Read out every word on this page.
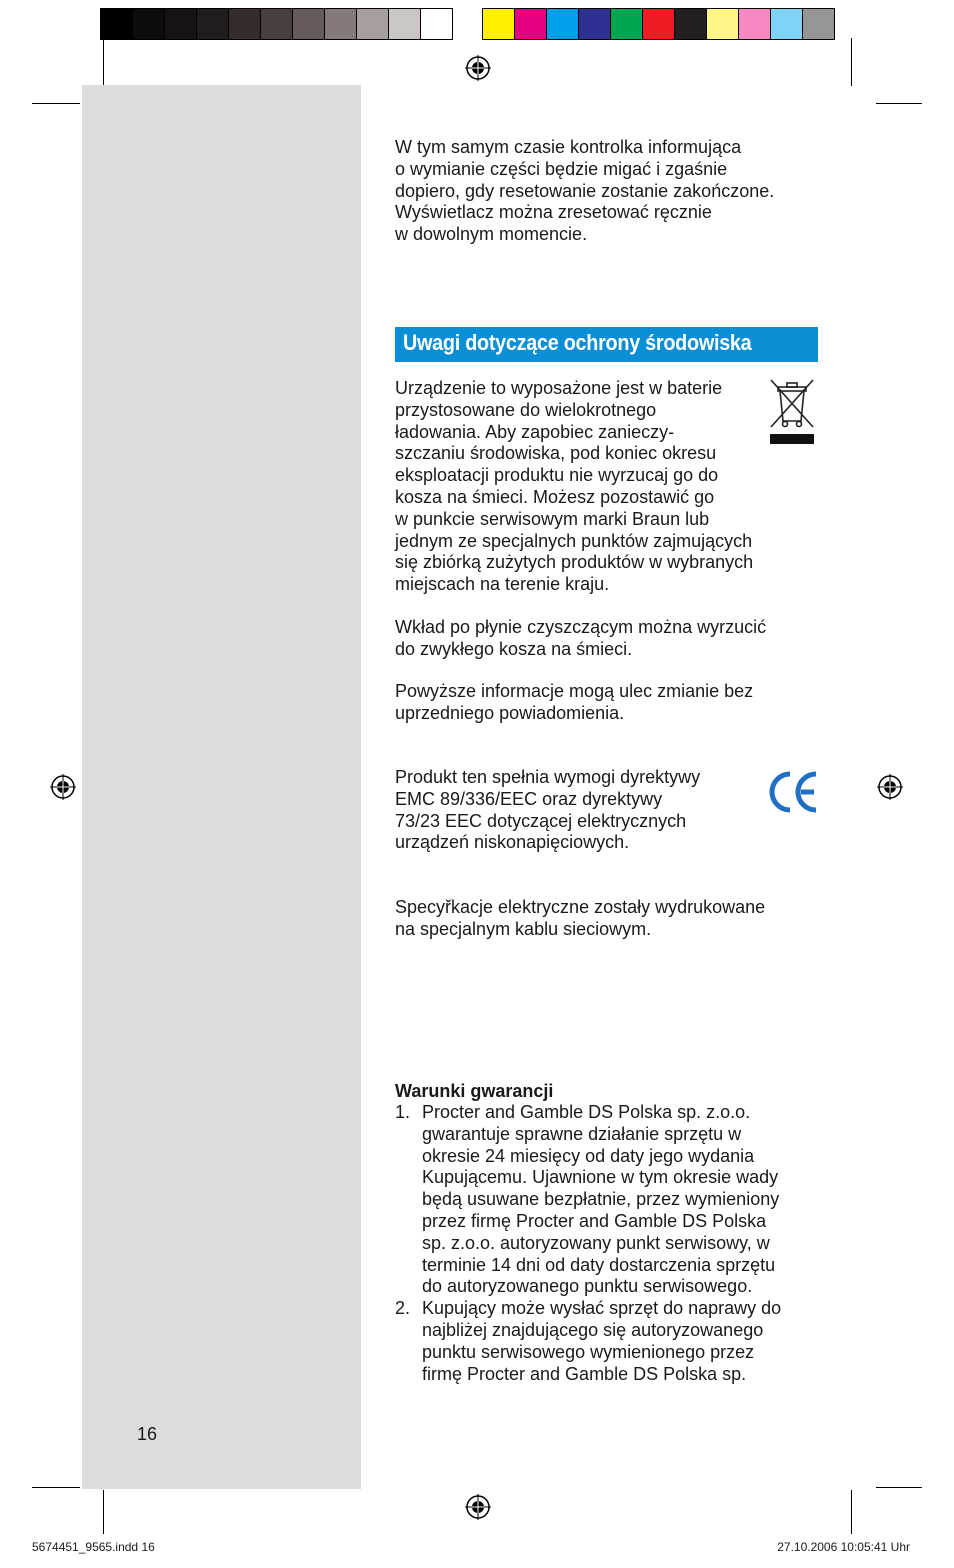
W tym samym czasie kontrolka informująca
o wymianie części będzie migać i zgaśnie
dopiero, gdy resetowanie zostanie zakończone.
Wyświetlacz można zresetować ręcznie
w dowolnym momencie.
Uwagi dotyczące ochrony środowiska
Urządzenie to wyposażone jest w baterie
przystosowane do wielokrotnego
ładowania. Aby zapobiec zanieczy-
szczaniu środowiska, pod koniec okresu
eksploatacji produktu nie wyrzucaj go do
kosza na śmieci. Możesz pozostawić go
w punkcie serwisowym marki Braun lub
jednym ze specjalnych punktów zajmujących
się zbiórką zużytych produktów w wybranych
miejscach na terenie kraju.
Wkład po płynie czyszczącym można wyrzucić
do zwykłego kosza na śmieci.
Powyższe informacje mogą ulec zmianie bez
uprzedniego powiadomienia.
Produkt ten spełnia wymogi dyrektywy
EMC 89/336/EEC oraz dyrektywy
73/23 EEC dotyczącej elektrycznych
urządzeń niskonapięciowych.
Specyřkacje elektryczne zostały wydrukowane
na specjalnym kablu sieciowym.
Warunki gwarancji
1. Procter and Gamble DS Polska sp. z.o.o.
gwarantuje sprawne działanie sprzętu w
okresie 24 miesięcy od daty jego wydania
Kupującemu. Ujawnione w tym okresie wady
będą usuwane bezpłatnie, przez wymieniony
przez firmę Procter and Gamble DS Polska
sp. z.o.o. autoryzowany punkt serwisowy, w
terminie 14 dni od daty dostarczenia sprzętu
do autoryzowanego punktu serwisowego.
2. Kupujący może wysłać sprzęt do naprawy do
najbliżej znajdującego się autoryzowanego
punktu serwisowego wymienionego przez
firmę Procter and Gamble DS Polska sp.
16
5674451_9565.indd 16	27.10.2006 10:05:41 Uhr
